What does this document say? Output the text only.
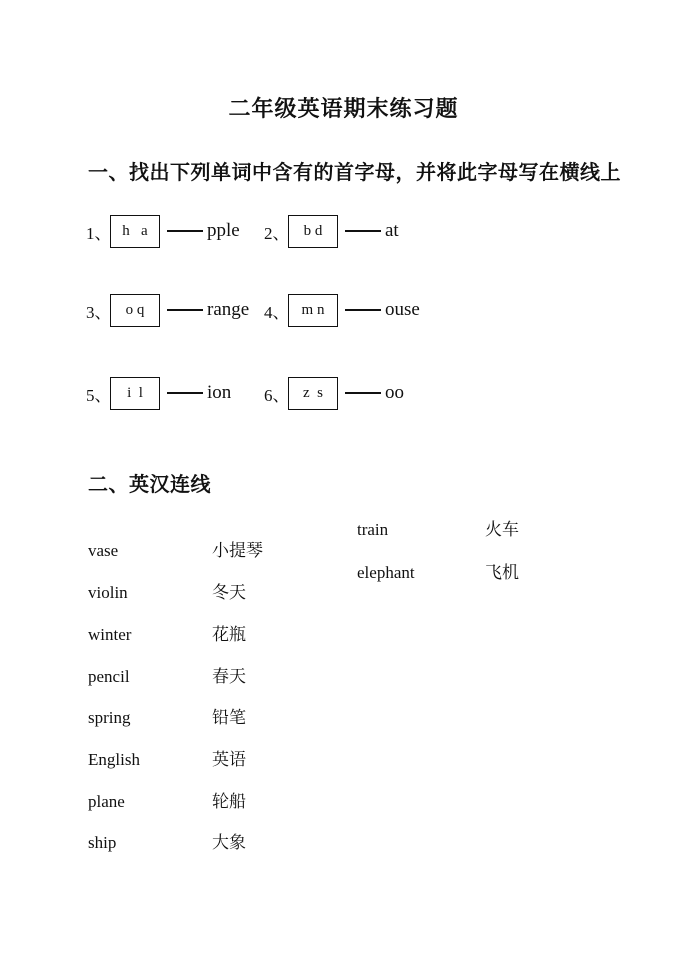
二年级英语期末练习题
一、找出下列单词中含有的首字母，并将此字母写在横线上
1、 h   a	pple 2、 b d	at
3、 o q	range 4、 m n	ouse
5、 i  l	ion 6、 z  s	oo
二、英汉连线
train	火车
elephant	飞机
vase	小提琴
violin	冬天
winter	花瓶
pencil	春天
spring	铅笔
English	英语
plane	轮船
ship	大象
